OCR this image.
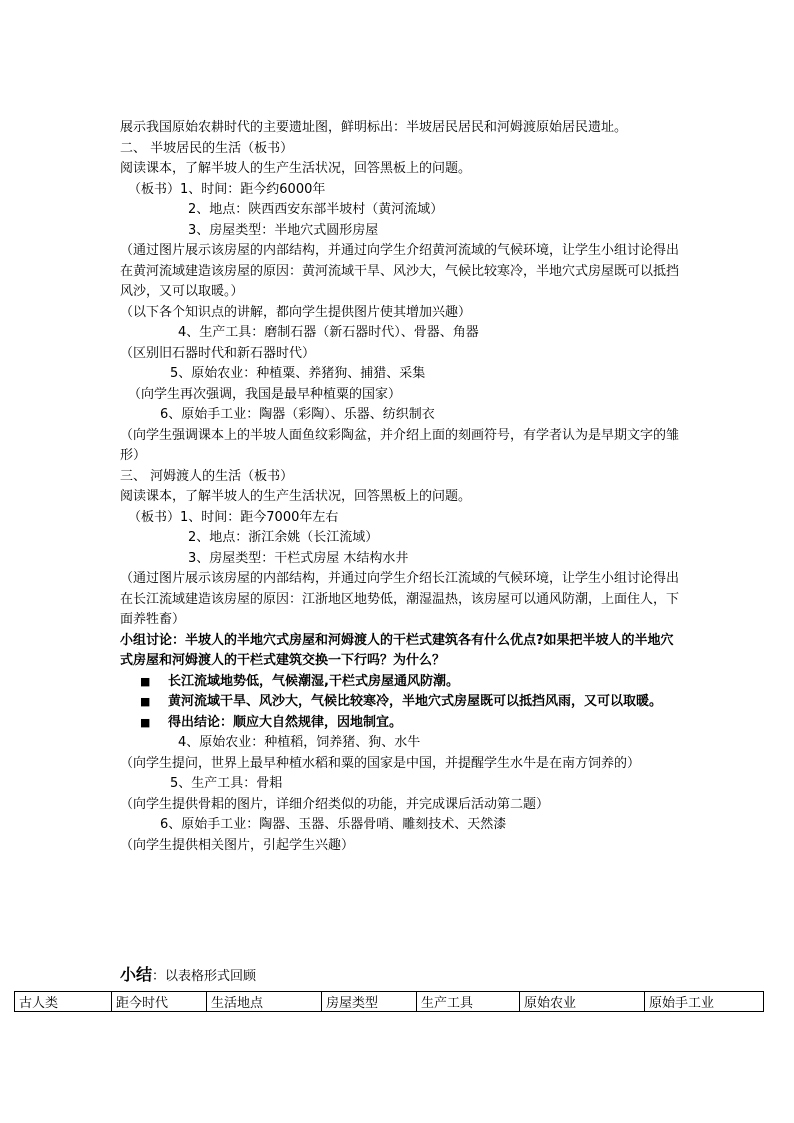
展示我国原始农耕时代的主要遗址图，鲜明标出：半坡居民居民和河姆渡原始居民遗址。
二、 半坡居民的生活（板书）
阅读课本，了解半坡人的生产生活状况，回答黑板上的问题。
（板书）1、时间：距今约6000年
2、地点：陕西西安东部半坡村（黄河流域）
3、房屋类型：半地穴式圆形房屋
（通过图片展示该房屋的内部结构，并通过向学生介绍黄河流域的气候环境，让学生小组讨论得出在黄河流域建造该房屋的原因：黄河流域干旱、风沙大，气候比较寒冷，半地穴式房屋既可以抵挡风沙，又可以取暖。）
（以下各个知识点的讲解，都向学生提供图片使其增加兴趣）
4、生产工具：磨制石器（新石器时代）、骨器、角器
（区别旧石器时代和新石器时代）
5、原始农业：种植粟、养猪狗、捕猎、采集
（向学生再次强调，我国是最早种植粟的国家）
6、原始手工业：陶器（彩陶）、乐器、纺织制衣
（向学生强调课本上的半坡人面鱼纹彩陶盆，并介绍上面的刻画符号，有学者认为是早期文字的雏形）
三、 河姆渡人的生活（板书）
阅读课本，了解半坡人的生产生活状况，回答黑板上的问题。
（板书）1、时间：距今7000年左右
2、地点：浙江余姚（长江流域）
3、房屋类型：干栏式房屋 木结构水井
（通过图片展示该房屋的内部结构，并通过向学生介绍长江流域的气候环境，让学生小组讨论得出在长江流域建造该房屋的原因：江浙地区地势低，潮湿温热，该房屋可以通风防潮，上面住人，下面养牲畜）
小组讨论：半坡人的半地穴式房屋和河姆渡人的干栏式建筑各有什么优点?如果把半坡人的半地穴式房屋和河姆渡人的干栏式建筑交换一下行吗？为什么？
■	长江流域地势低，气候潮湿,干栏式房屋通风防潮。
■	黄河流域干旱、风沙大，气候比较寒冷，半地穴式房屋既可以抵挡风雨，又可以取暖。
■	得出结论：顺应大自然规律，因地制宜。
4、原始农业：种植稻，饲养猪、狗、水牛
（向学生提问，世界上最早种植水稻和粟的国家是中国，并提醒学生水牛是在南方饲养的）
5、生产工具：骨耜
（向学生提供骨耜的图片，详细介绍类似的功能，并完成课后活动第二题）
6、原始手工业：陶器、玉器、乐器骨哨、雕刻技术、天然漆
（向学生提供相关图片，引起学生兴趣）
小结：以表格形式回顾
古人类	距今时代	生活地点	房屋类型	生产工具	原始农业	原始手工业
